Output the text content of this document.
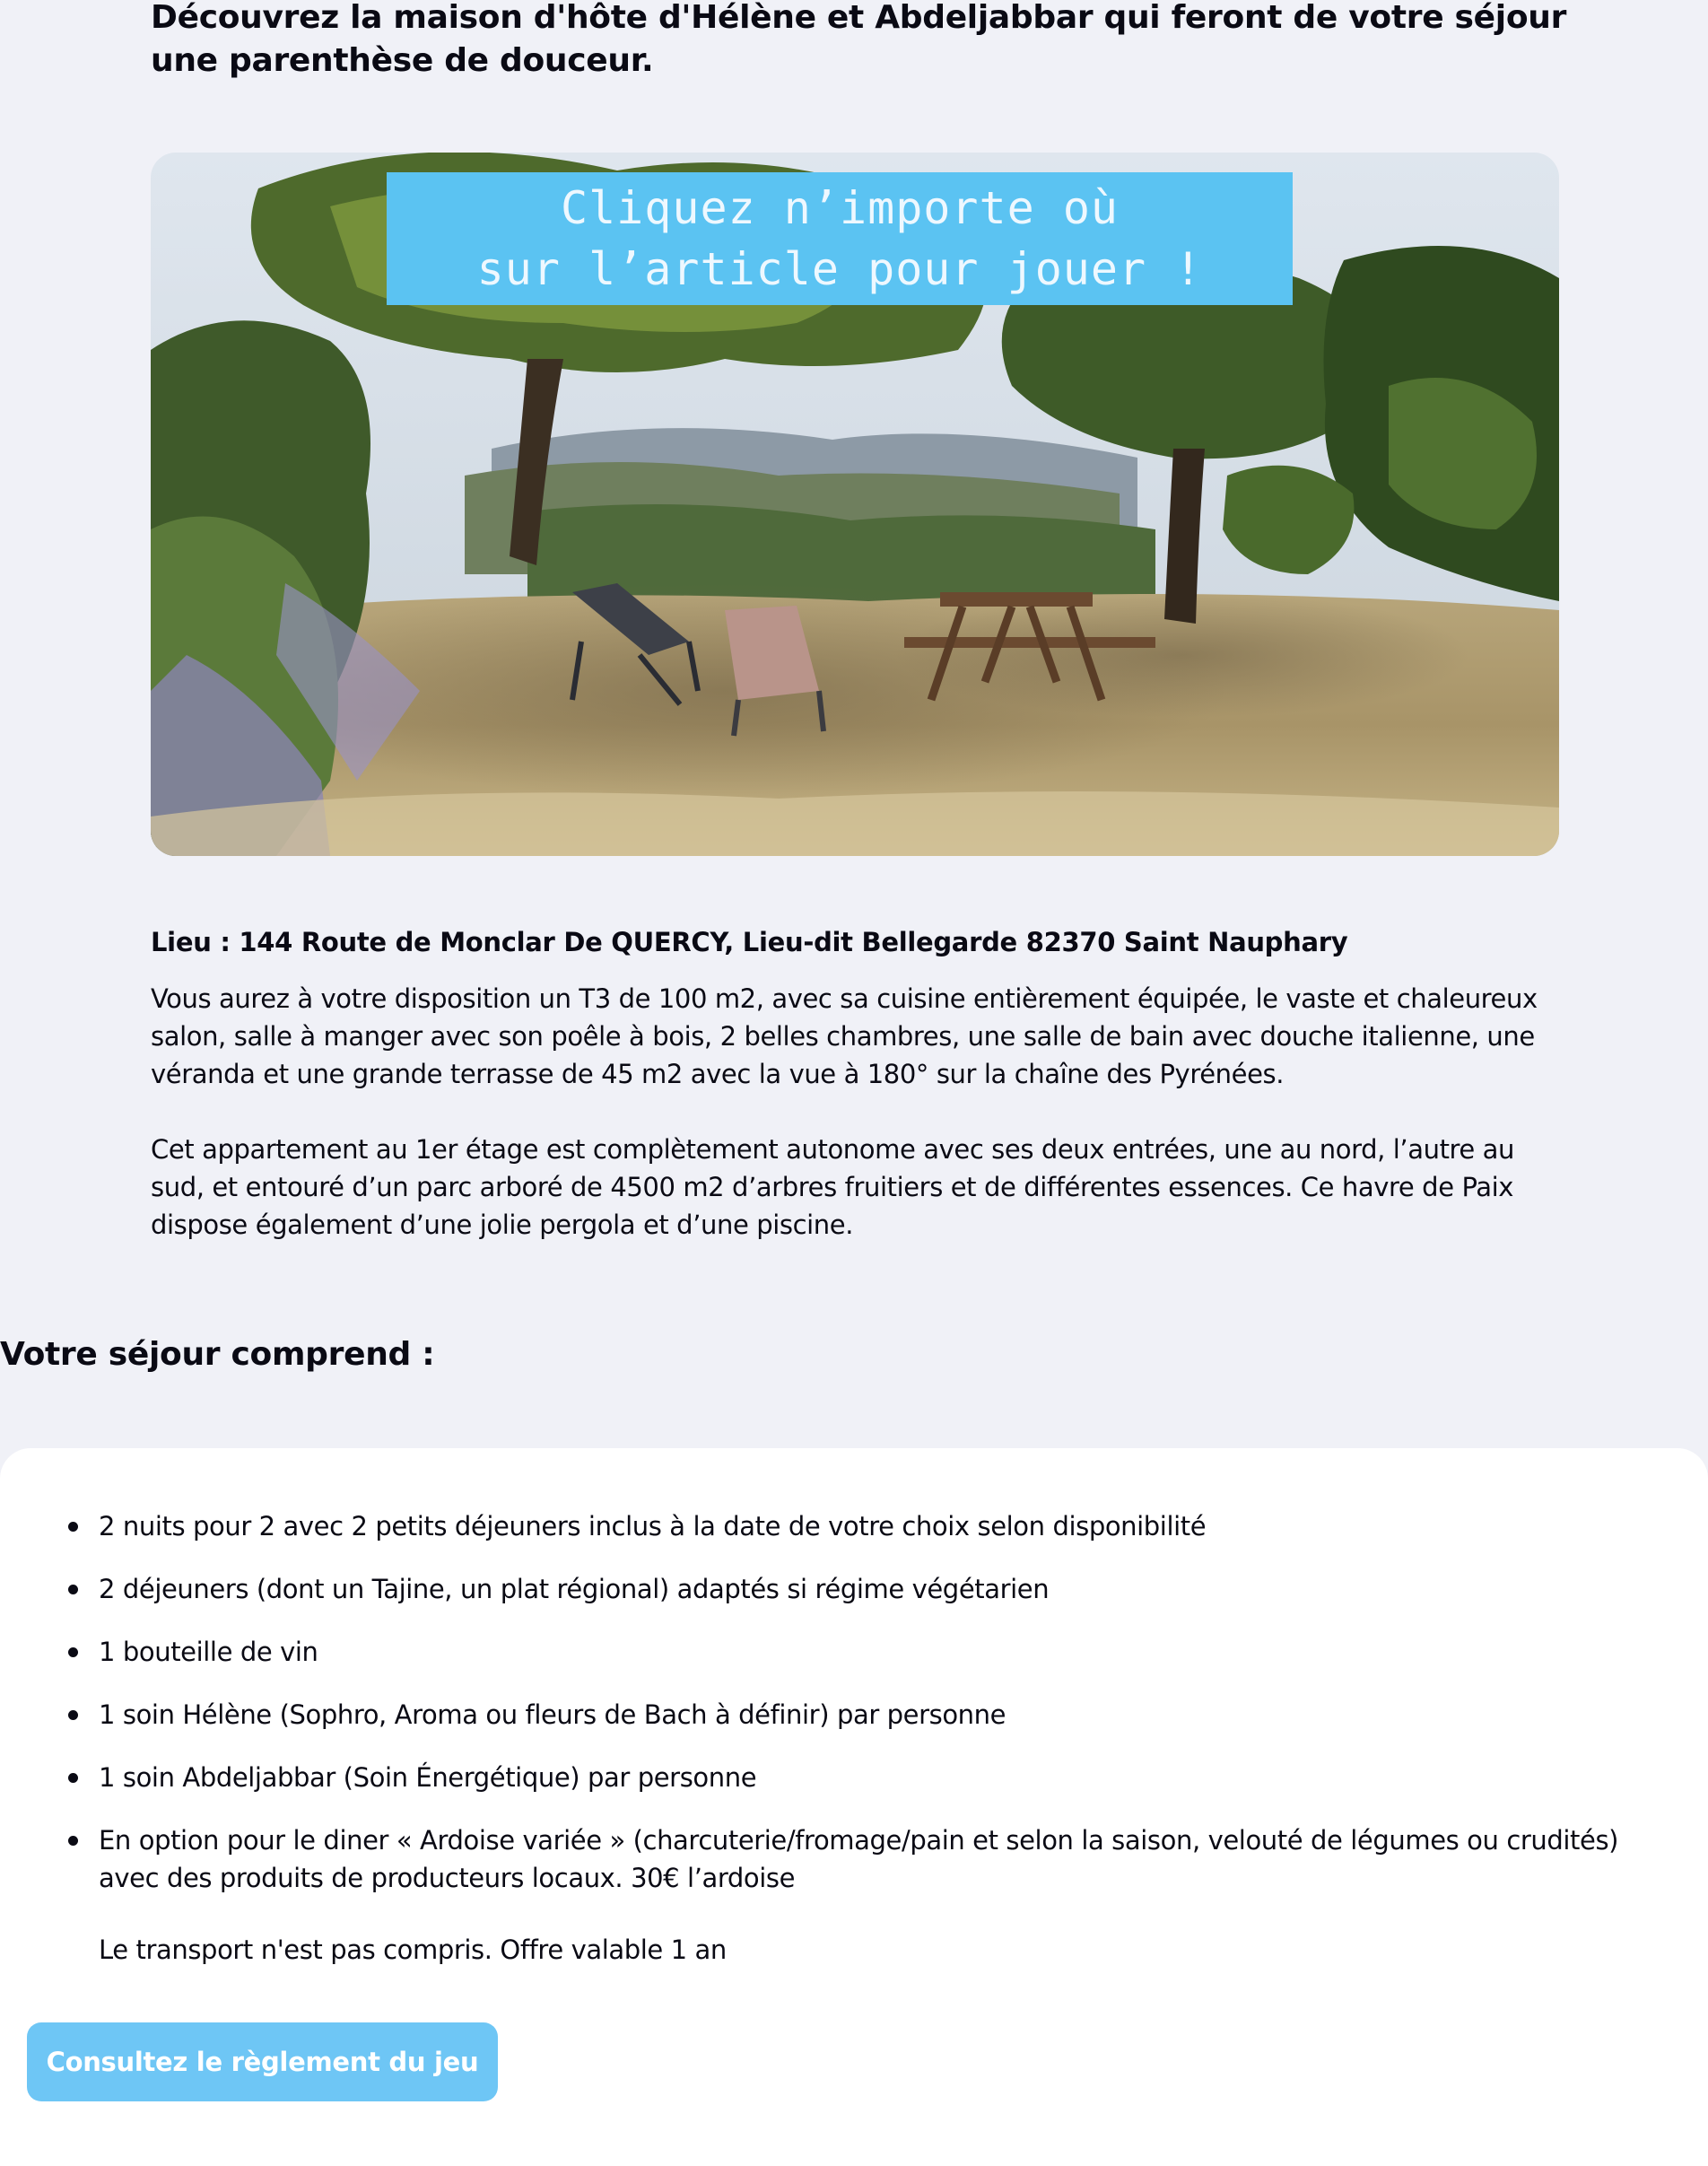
Découvrez la maison d'hôte d'Hélène et Abdeljabbar qui feront de votre séjour une parenthèse de douceur.

Cliquez n’importe où
sur l’article pour jouer !

Lieu : 144 Route de Monclar De QUERCY, Lieu-dit Bellegarde 82370 Saint Nauphary

Vous aurez à votre disposition un T3 de 100 m2, avec sa cuisine entièrement équipée, le vaste et chaleureux salon, salle à manger avec son poêle à bois, 2 belles chambres, une salle de bain avec douche italienne, une véranda et une grande terrasse de 45 m2 avec la vue à 180° sur la chaîne des Pyrénées.

Cet appartement au 1er étage est complètement autonome avec ses deux entrées, une au nord, l’autre au sud, et entouré d’un parc arboré de 4500 m2 d’arbres fruitiers et de différentes essences. Ce havre de Paix dispose également d’une jolie pergola et d’une piscine.

Votre séjour comprend :
2 nuits pour 2 avec 2 petits déjeuners inclus à la date de votre choix selon disponibilité
2 déjeuners (dont un Tajine, un plat régional) adaptés si régime végétarien
1 bouteille de vin
1 soin Hélène (Sophro, Aroma ou fleurs de Bach à définir) par personne
1 soin Abdeljabbar (Soin Énergétique) par personne
En option pour le diner « Ardoise variée » (charcuterie/fromage/pain et selon la saison, velouté de légumes ou crudités) avec des produits de producteurs locaux. 30€ l’ardoise

Le transport n'est pas compris. Offre valable 1 an

Consultez le règlement du jeu
